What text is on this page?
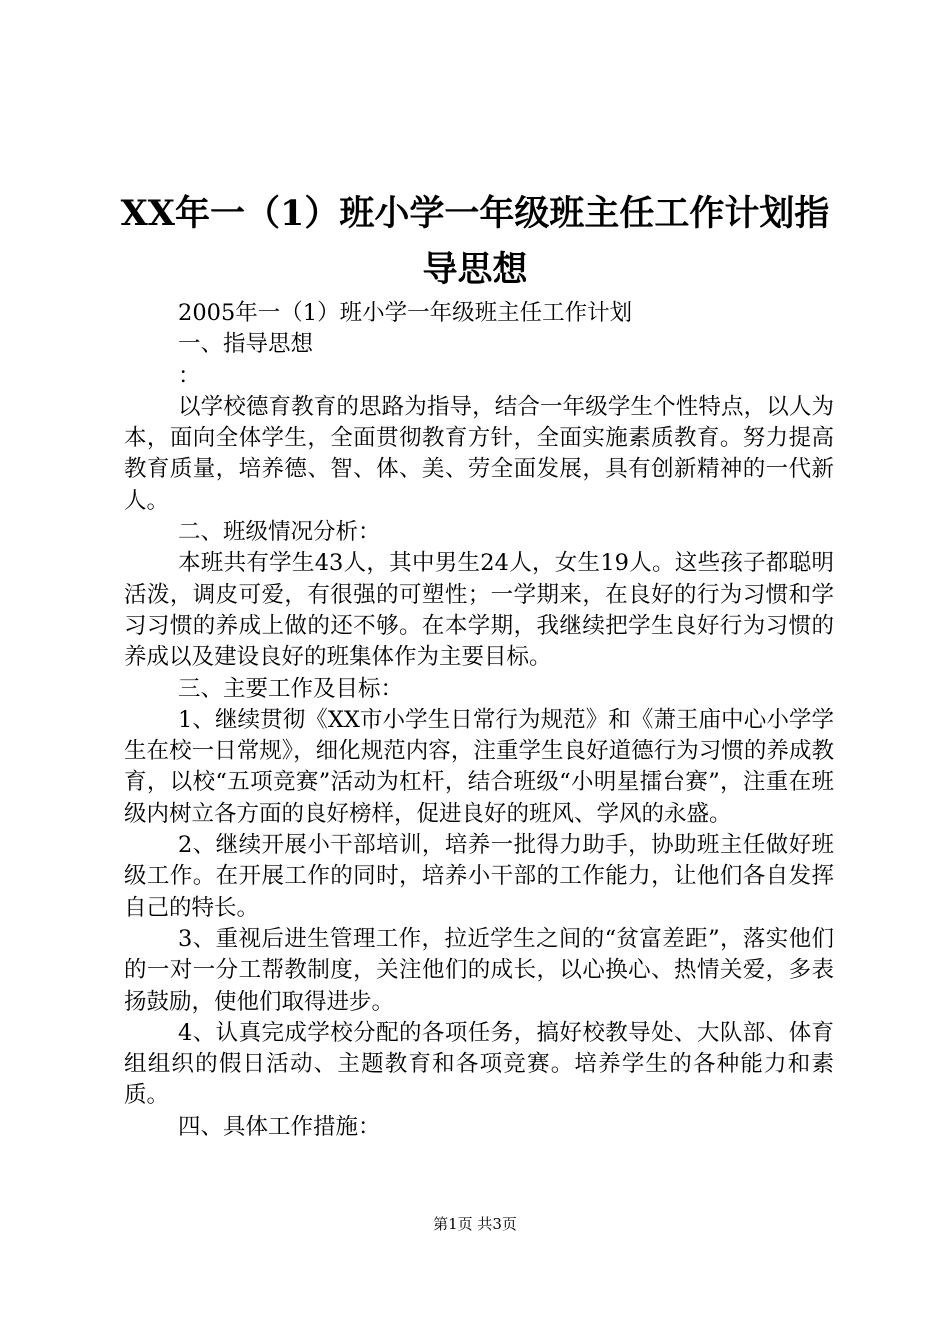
XX年一（1）班小学一年级班主任工作计划指导思想

2005年一（1）班小学一年级班主任工作计划

一、指导思想

：

以学校德育教育的思路为指导，结合一年级学生个性特点，以人为本，面向全体学生，全面贯彻教育方针，全面实施素质教育。努力提高教育质量，培养德、智、体、美、劳全面发展，具有创新精神的一代新人。

二、班级情况分析：

本班共有学生43人，其中男生24人，女生19人。这些孩子都聪明活泼，调皮可爱，有很强的可塑性；一学期来，在良好的行为习惯和学习习惯的养成上做的还不够。在本学期，我继续把学生良好行为习惯的养成以及建设良好的班集体作为主要目标。

三、主要工作及目标：

1、继续贯彻《XX市小学生日常行为规范》和《萧王庙中心小学学生在校一日常规》，细化规范内容，注重学生良好道德行为习惯的养成教育，以校“五项竞赛”活动为杠杆，结合班级“小明星擂台赛”，注重在班级内树立各方面的良好榜样，促进良好的班风、学风的永盛。

2、继续开展小干部培训，培养一批得力助手，协助班主任做好班级工作。在开展工作的同时，培养小干部的工作能力，让他们各自发挥自己的特长。

3、重视后进生管理工作，拉近学生之间的“贫富差距”，落实他们的一对一分工帮教制度，关注他们的成长，以心换心、热情关爱，多表扬鼓励，使他们取得进步。

4、认真完成学校分配的各项任务，搞好校教导处、大队部、体育组组织的假日活动、主题教育和各项竞赛。培养学生的各种能力和素质。

四、具体工作措施：

第1页 共3页
